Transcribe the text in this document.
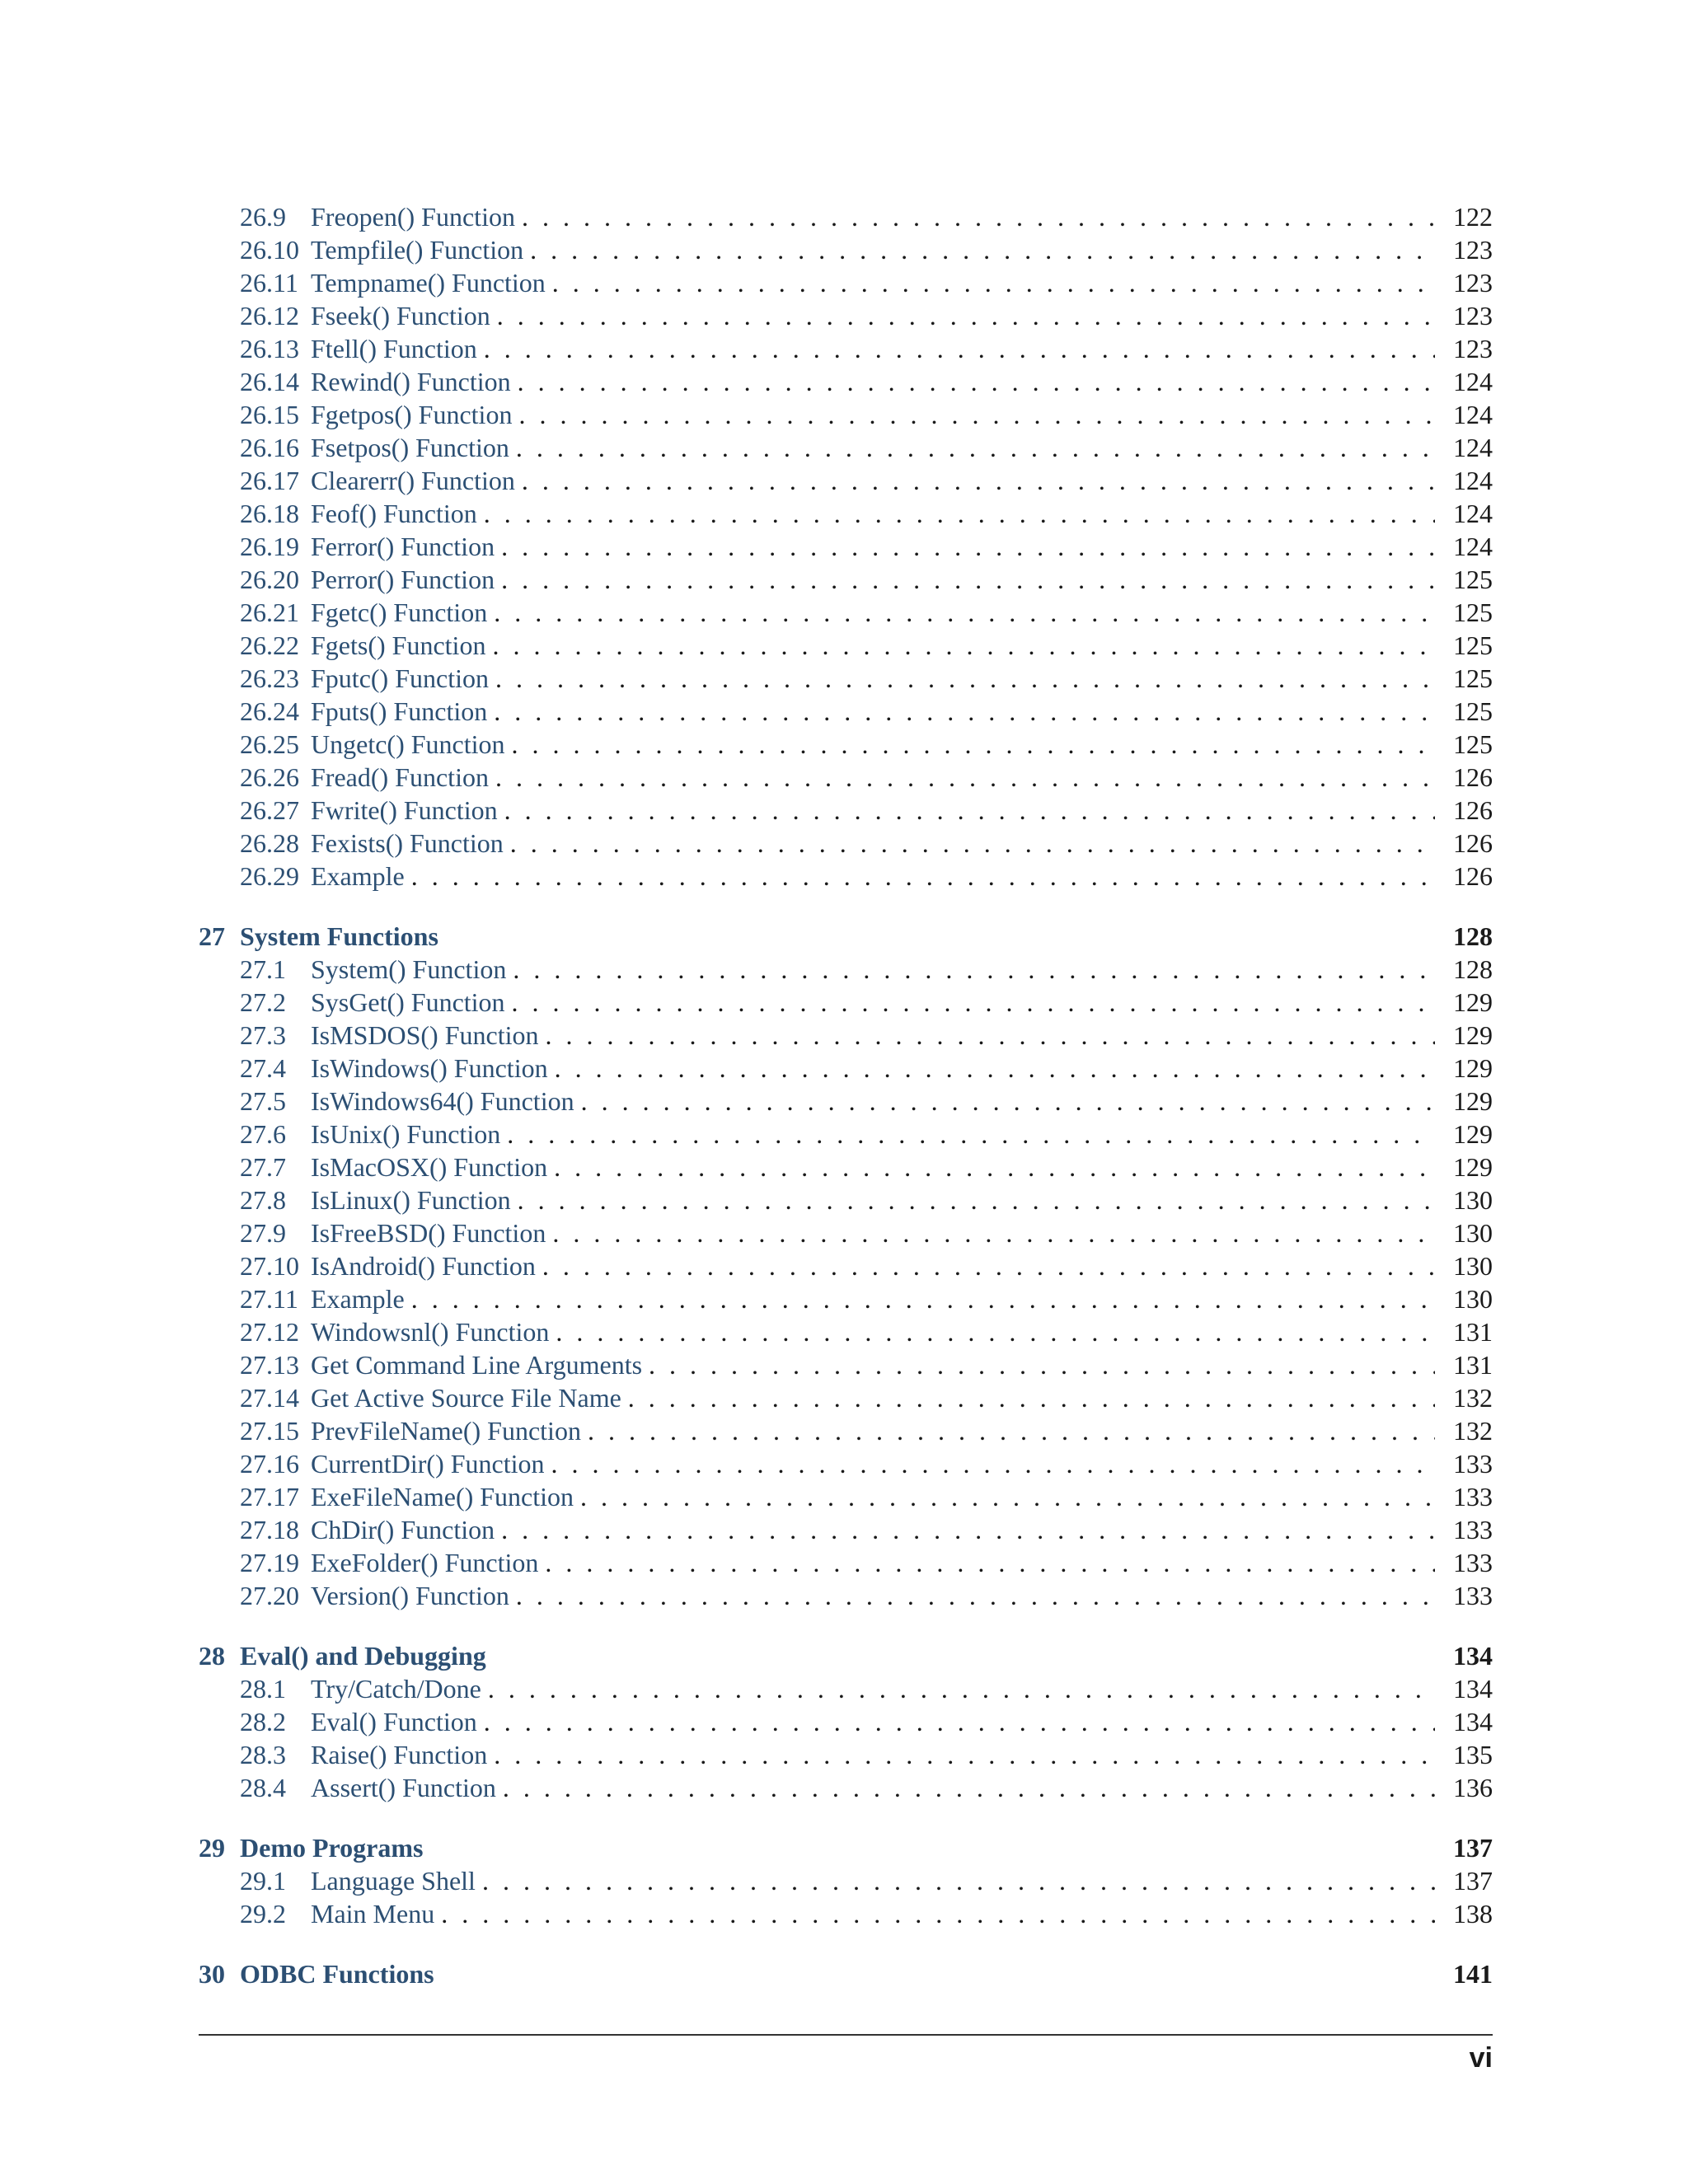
26.9 Freopen() Function . . .	122
26.10 Tempfile() Function . . .	123
26.11 Tempname() Function . . .	123
26.12 Fseek() Function . . .	123
26.13 Ftell() Function . . .	123
26.14 Rewind() Function . . .	124
26.15 Fgetpos() Function . . .	124
26.16 Fsetpos() Function . . .	124
26.17 Clearerr() Function . . .	124
26.18 Feof() Function . . .	124
26.19 Ferror() Function . . .	124
26.20 Perror() Function . . .	125
26.21 Fgetc() Function . . .	125
26.22 Fgets() Function . . .	125
26.23 Fputc() Function . . .	125
26.24 Fputs() Function . . .	125
26.25 Ungetc() Function . . .	125
26.26 Fread() Function . . .	126
26.27 Fwrite() Function . . .	126
26.28 Fexists() Function . . .	126
26.29 Example . . .	126
27 System Functions	128
27.1 System() Function . . .	128
27.2 SysGet() Function . . .	129
27.3 IsMSDOS() Function . . .	129
27.4 IsWindows() Function . . .	129
27.5 IsWindows64() Function . . .	129
27.6 IsUnix() Function . . .	129
27.7 IsMacOSX() Function . . .	129
27.8 IsLinux() Function . . .	130
27.9 IsFreeBSD() Function . . .	130
27.10 IsAndroid() Function . . .	130
27.11 Example . . .	130
27.12 Windowsnl() Function . . .	131
27.13 Get Command Line Arguments . . .	131
27.14 Get Active Source File Name . . .	132
27.15 PrevFileName() Function . . .	132
27.16 CurrentDir() Function . . .	133
27.17 ExeFileName() Function . . .	133
27.18 ChDir() Function . . .	133
27.19 ExeFolder() Function . . .	133
27.20 Version() Function . . .	133
28 Eval() and Debugging	134
28.1 Try/Catch/Done . . .	134
28.2 Eval() Function . . .	134
28.3 Raise() Function . . .	135
28.4 Assert() Function . . .	136
29 Demo Programs	137
29.1 Language Shell . . .	137
29.2 Main Menu . . .	138
30 ODBC Functions	141
vi
